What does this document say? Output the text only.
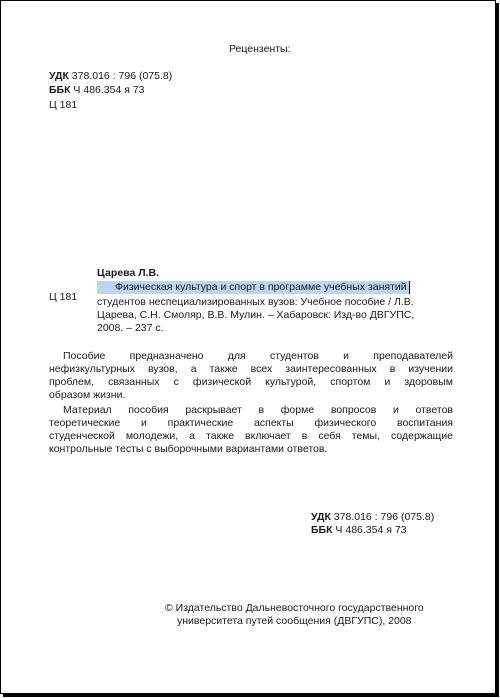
Рецензенты:
УДК 378.016 : 796 (075.8)
ББК Ч 486.354 я 73
Ц 181
Царева Л.В.
Физическая культура и спорт в программе учебных занятий
Ц 181 студентов неспециализированных вузов: Учебное пособие / Л.В.
Царева, С.Н. Смоляр, В.В. Мулин. – Хабаровск: Изд-во ДВГУПС,
2008. – 237 с.
Пособие предназначено для студентов и преподавателей
нефизкультурных вузов, а также всех заинтересованных в изучении
проблем, связанных с физической культурой, спортом и здоровым
образом жизни.
Материал пособия раскрывает в форме вопросов и ответов
теоретические и практические аспекты физического воспитания
студенческой молодежи, а также включает в себя темы, содержащие
контрольные тесты с выборочными вариантами ответов.
УДК 378.016 : 796 (075.8)
ББК Ч 486.354 я 73
© Издательство Дальневосточного государственного
университета путей сообщения (ДВГУПС), 2008
